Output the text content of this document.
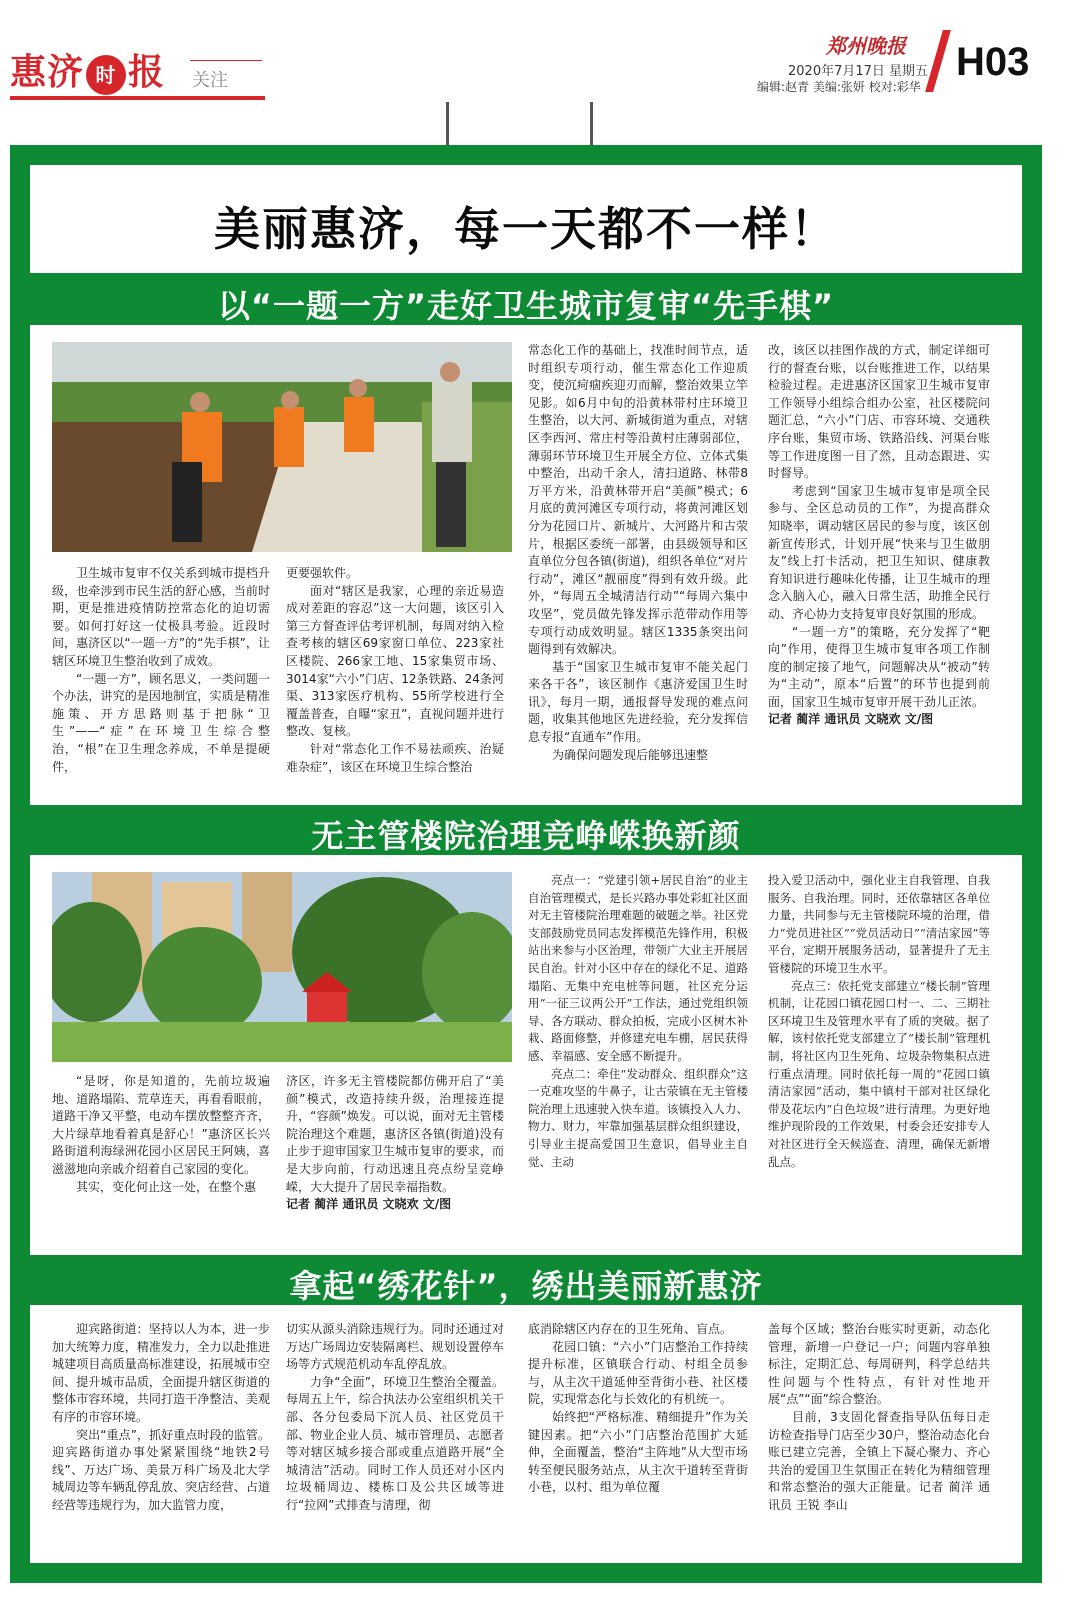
惠济 时 报 关注
郑州晚报
2020年7月17日 星期五
编辑:赵青 美编:张妍 校对:彩华
H03
美丽惠济，每一天都不一样！
以“一题一方”走好卫生城市复审“先手棋”

卫生城市复审不仅关系到城市提档升级，也牵涉到市民生活的舒心感，当前时期，更是推进疫情防控常态化的迫切需要。如何打好这一仗极具考验。近段时间，惠济区以“一题一方”的“先手棋”，让辖区环境卫生整治收到了成效。

“一题一方”，顾名思义，一类问题一个办法，讲究的是因地制宜，实质是精准施策、开方思路则基于把脉“卫生”——“症”在环境卫生综合整治，“根”在卫生理念养成，不单是提硬件，

更要强软件。

面对“辖区是我家，心理的亲近易造成对差距的容忍”这一大问题，该区引入第三方督查评估考评机制，每周对纳入检查考核的辖区69家窗口单位、223家社区楼院、266家工地、15家集贸市场、3014家“六小”门店、12条铁路、24条河渠、313家医疗机构、55所学校进行全覆盖普查，自曝“家丑”，直视问题并进行整改、复核。

针对“常态化工作不易祛顽疾、治疑难杂症”，该区在环境卫生综合整治

常态化工作的基础上，找准时间节点，适时组织专项行动，催生常态化工作迎质变，使沉疴痼疾迎刃而解，整治效果立竿见影。如6月中旬的沿黄林带村庄环境卫生整治，以大河、新城街道为重点，对辖区李西河、常庄村等沿黄村庄薄弱部位，薄弱环节环境卫生开展全方位、立体式集中整治，出动千余人，清扫道路、林带8万平方米，沿黄林带开启“美颜”模式；6月底的黄河滩区专项行动，将黄河滩区划分为花园口片、新城片、大河路片和古荥片，根据区委统一部署，由县级领导和区直单位分包各镇(街道)，组织各单位“对片行动”，滩区“靓丽度”得到有效升级。此外，“每周五全城清洁行动”“每周六集中攻坚”，党员做先锋发挥示范带动作用等专项行动成效明显。辖区1335条突出问题得到有效解决。

基于“国家卫生城市复审不能关起门来各干各”，该区制作《惠济爱国卫生时讯》，每月一期，通报督导发现的难点问题，收集其他地区先进经验，充分发挥信息专报“直通车”作用。

为确保问题发现后能够迅速整

改，该区以挂图作战的方式，制定详细可行的督查台账，以台账推进工作，以结果检验过程。走进惠济区国家卫生城市复审工作领导小组综合组办公室，社区楼院问题汇总，“六小”门店、市容环境、交通秩序台账，集贸市场、铁路沿线、河渠台账等工作进度图一目了然，且动态跟进、实时督导。

考虑到“国家卫生城市复审是项全民参与、全区总动员的工作”，为提高群众知晓率，调动辖区居民的参与度，该区创新宣传形式，计划开展“快来与卫生做朋友”线上打卡活动，把卫生知识、健康教育知识进行趣味化传播，让卫生城市的理念入脑入心，融入日常生活，助推全民行动、齐心协力支持复审良好氛围的形成。

“一题一方”的策略，充分发挥了“靶向”作用，使得卫生城市复审各项工作制度的制定接了地气，问题解决从“被动”转为“主动”，原本“后置”的环节也提到前面，国家卫生城市复审开展干劲儿正浓。

记者 蔺洋 通讯员 文晓欢 文/图

无主管楼院治理竞峥嵘换新颜

“是呀，你是知道的，先前垃圾遍地、道路塌陷、荒草连天，再看看眼前，道路干净又平整，电动车摆放整整齐齐，大片绿草地看着真是舒心！”惠济区长兴路街道利海绿洲花园小区居民王阿姨，喜滋滋地向亲戚介绍着自己家园的变化。

其实，变化何止这一处，在整个惠

济区，许多无主管楼院都仿佛开启了“美颜”模式，改造持续升级，治理接连提升，“容颜”焕发。可以说，面对无主管楼院治理这个难题，惠济区各镇(街道)没有止步于迎审国家卫生城市复审的要求，而是大步向前，行动迅速且亮点纷呈竞峥嵘，大大提升了居民幸福指数。

记者 蔺洋 通讯员 文晓欢 文/图

亮点一：“党建引领+居民自治”的业主自治管理模式，是长兴路办事处彩虹社区面对无主管楼院治理难题的破题之举。社区党支部鼓励党员同志发挥模范先锋作用，积极站出来参与小区治理，带领广大业主开展居民自治。针对小区中存在的绿化不足、道路塌陷、无集中充电桩等问题，社区充分运用“一征三议两公开”工作法，通过党组织领导、各方联动、群众拍板，完成小区树木补栽、路面修整，并修建充电车棚，居民获得感、幸福感、安全感不断提升。

亮点二：牵住“发动群众、组织群众”这一克难攻坚的牛鼻子，让古荥镇在无主管楼院治理上迅速驶入快车道。该镇投入人力、物力、财力，牢靠加强基层群众组织建设，引导业主提高爱国卫生意识，倡导业主自觉、主动

投入爱卫活动中，强化业主自我管理、自我服务、自我治理。同时，还依靠辖区各单位力量，共同参与无主管楼院环境的治理，借力“党员进社区”“党员活动日”“清洁家园”等平台，定期开展服务活动，显著提升了无主管楼院的环境卫生水平。

亮点三：依托党支部建立“楼长制”管理机制，让花园口镇花园口村一、二、三期社区环境卫生及管理水平有了质的突破。据了解，该村依托党支部建立了“楼长制”管理机制，将社区内卫生死角、垃圾杂物集积点进行重点清理。同时依托每一周的“花园口镇清洁家园”活动，集中镇村干部对社区绿化带及花坛内“白色垃圾”进行清理。为更好地维护现阶段的工作效果，村委会还安排专人对社区进行全天候巡查、清理，确保无新增乱点。

拿起“绣花针”，绣出美丽新惠济

迎宾路街道：坚持以人为本，进一步加大统筹力度，精准发力，全力以赴推进城建项目高质量高标准建设，拓展城市空间、提升城市品质，全面提升辖区街道的整体市容环境，共同打造干净整洁、美观有序的市容环境。

突出“重点”，抓好重点时段的监管。迎宾路街道办事处紧紧围绕“地铁2号线”、万达广场、美景万科广场及北大学城周边等车辆乱停乱放、突店经营、占道经营等违规行为，加大监管力度，

切实从源头消除违规行为。同时还通过对万达广场周边安装隔离栏、规划设置停车场等方式规范机动车乱停乱放。

力争“全面”，环境卫生整治全覆盖。每周五上午，综合执法办公室组织机关干部、各分包委局下沉人员、社区党员干部、物业企业人员、城市管理员、志愿者等对辖区城乡接合部或重点道路开展“全城清洁”活动。同时工作人员还对小区内垃圾桶周边、楼栋口及公共区域等进行“拉网”式排查与清理，彻

底消除辖区内存在的卫生死角、盲点。

花园口镇：“六小”门店整治工作持续提升标准，区镇联合行动、村组全员参与，从主次干道延伸至背街小巷、社区楼院，实现常态化与长效化的有机统一。

始终把“严格标准、精细提升”作为关键因素。把“六小”门店整治范围扩大延伸，全面覆盖，整治“主阵地”从大型市场转至便民服务站点，从主次干道转至背街小巷，以村、组为单位覆

盖每个区域；整治台账实时更新，动态化管理，新增一户登记一户；问题内容单独标注，定期汇总、每周研判，科学总结共性问题与个性特点，有针对性地开展“点”“面”综合整治。

目前，3支固化督查指导队伍每日走访检查指导门店至少30户，整治动态化台账已建立完善，全镇上下凝心聚力、齐心共治的爱国卫生氛围正在转化为精细管理和常态整治的强大正能量。记者 蔺洋 通讯员 王锐 李山
